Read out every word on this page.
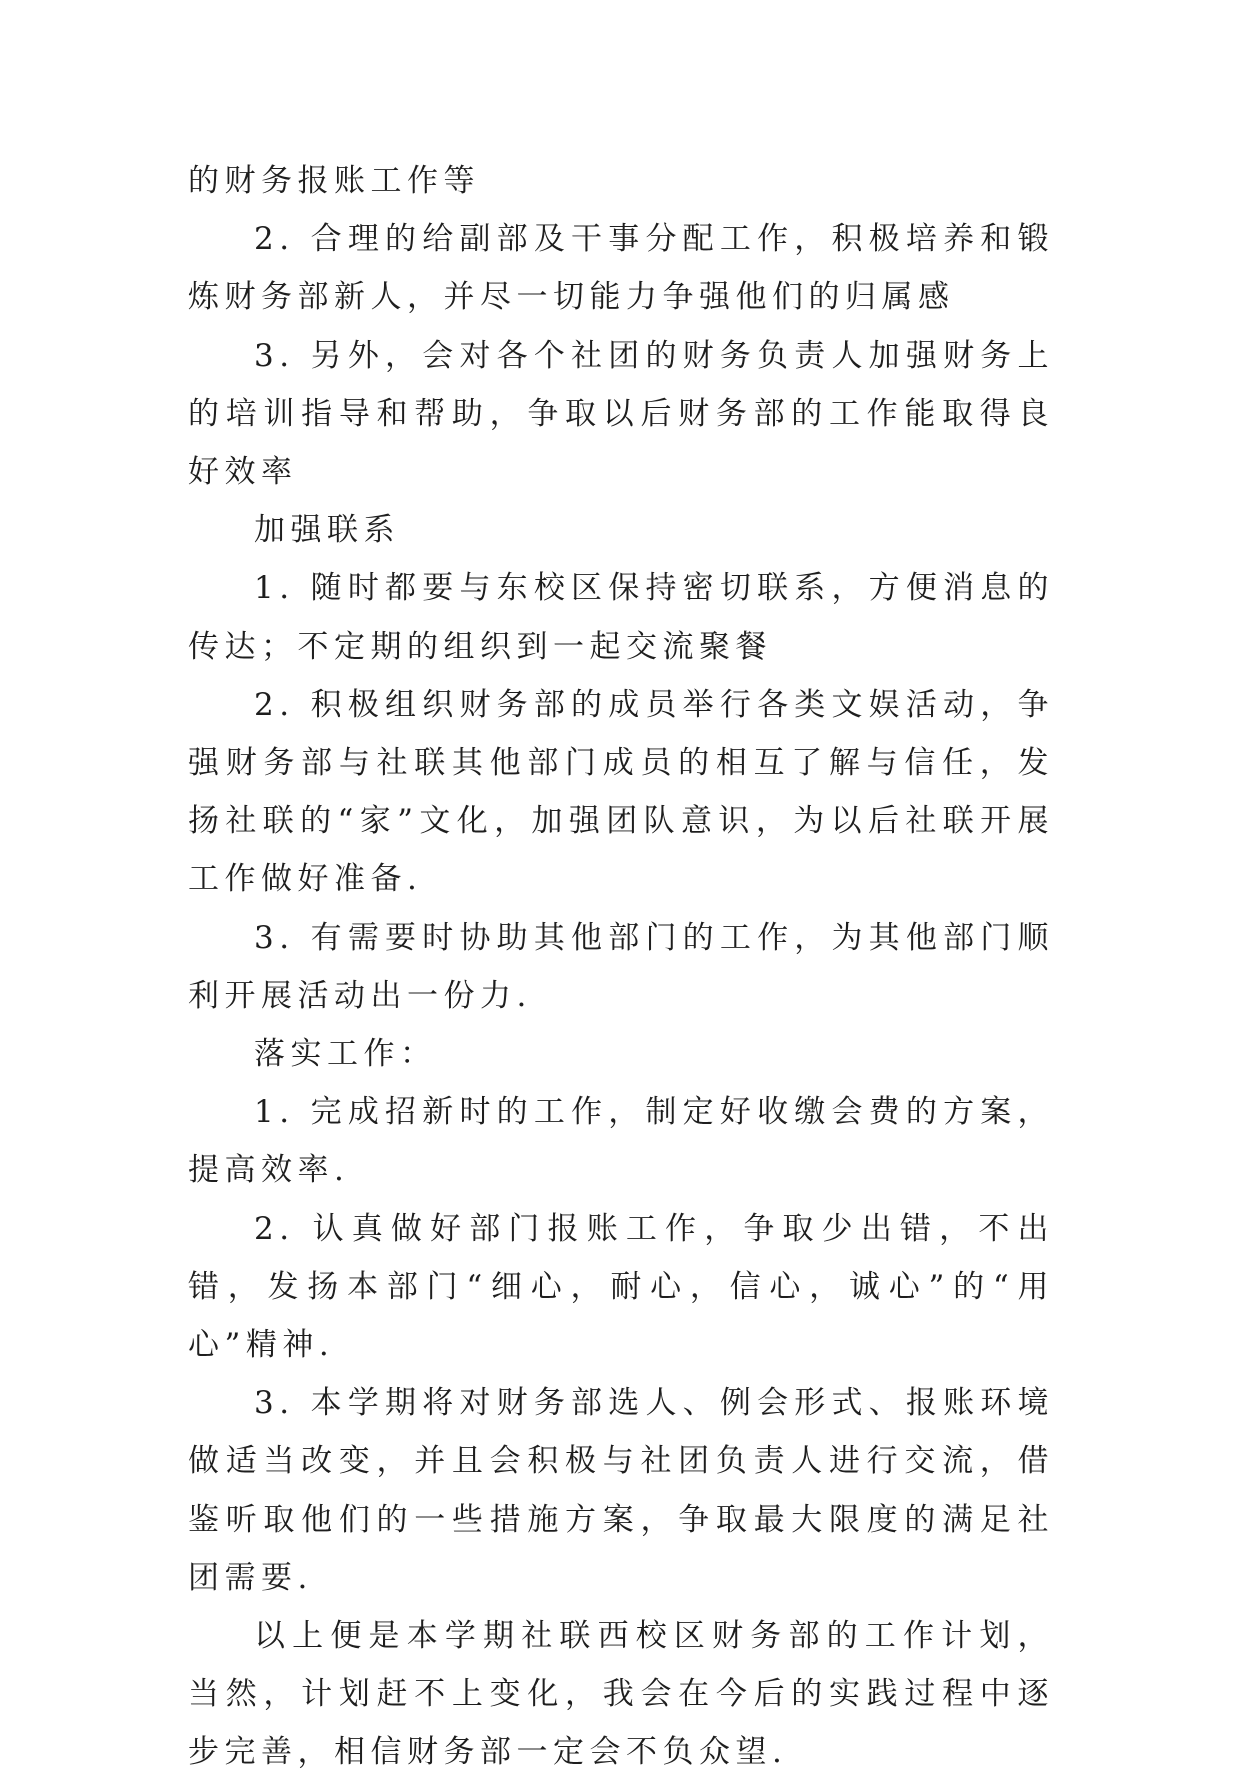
的财务报账工作等

2. 合理的给副部及干事分配工作，积极培养和锻炼财务部新人，并尽一切能力争强他们的归属感

3. 另外，会对各个社团的财务负责人加强财务上的培训指导和帮助，争取以后财务部的工作能取得良好效率

加强联系

1. 随时都要与东校区保持密切联系，方便消息的传达；不定期的组织到一起交流聚餐

2. 积极组织财务部的成员举行各类文娱活动，争强财务部与社联其他部门成员的相互了解与信任，发扬社联的“家”文化，加强团队意识，为以后社联开展工作做好准备.

3. 有需要时协助其他部门的工作，为其他部门顺利开展活动出一份力.

落实工作：

1. 完成招新时的工作，制定好收缴会费的方案，提高效率.

2. 认真做好部门报账工作，争取少出错，不出错，发扬本部门“细心，耐心，信心，诚心”的“用心”精神.

3. 本学期将对财务部选人、例会形式、报账环境做适当改变，并且会积极与社团负责人进行交流，借鉴听取他们的一些措施方案，争取最大限度的满足社团需要.

以上便是本学期社联西校区财务部的工作计划，当然，计划赶不上变化，我会在今后的实践过程中逐步完善，相信财务部一定会不负众望.
